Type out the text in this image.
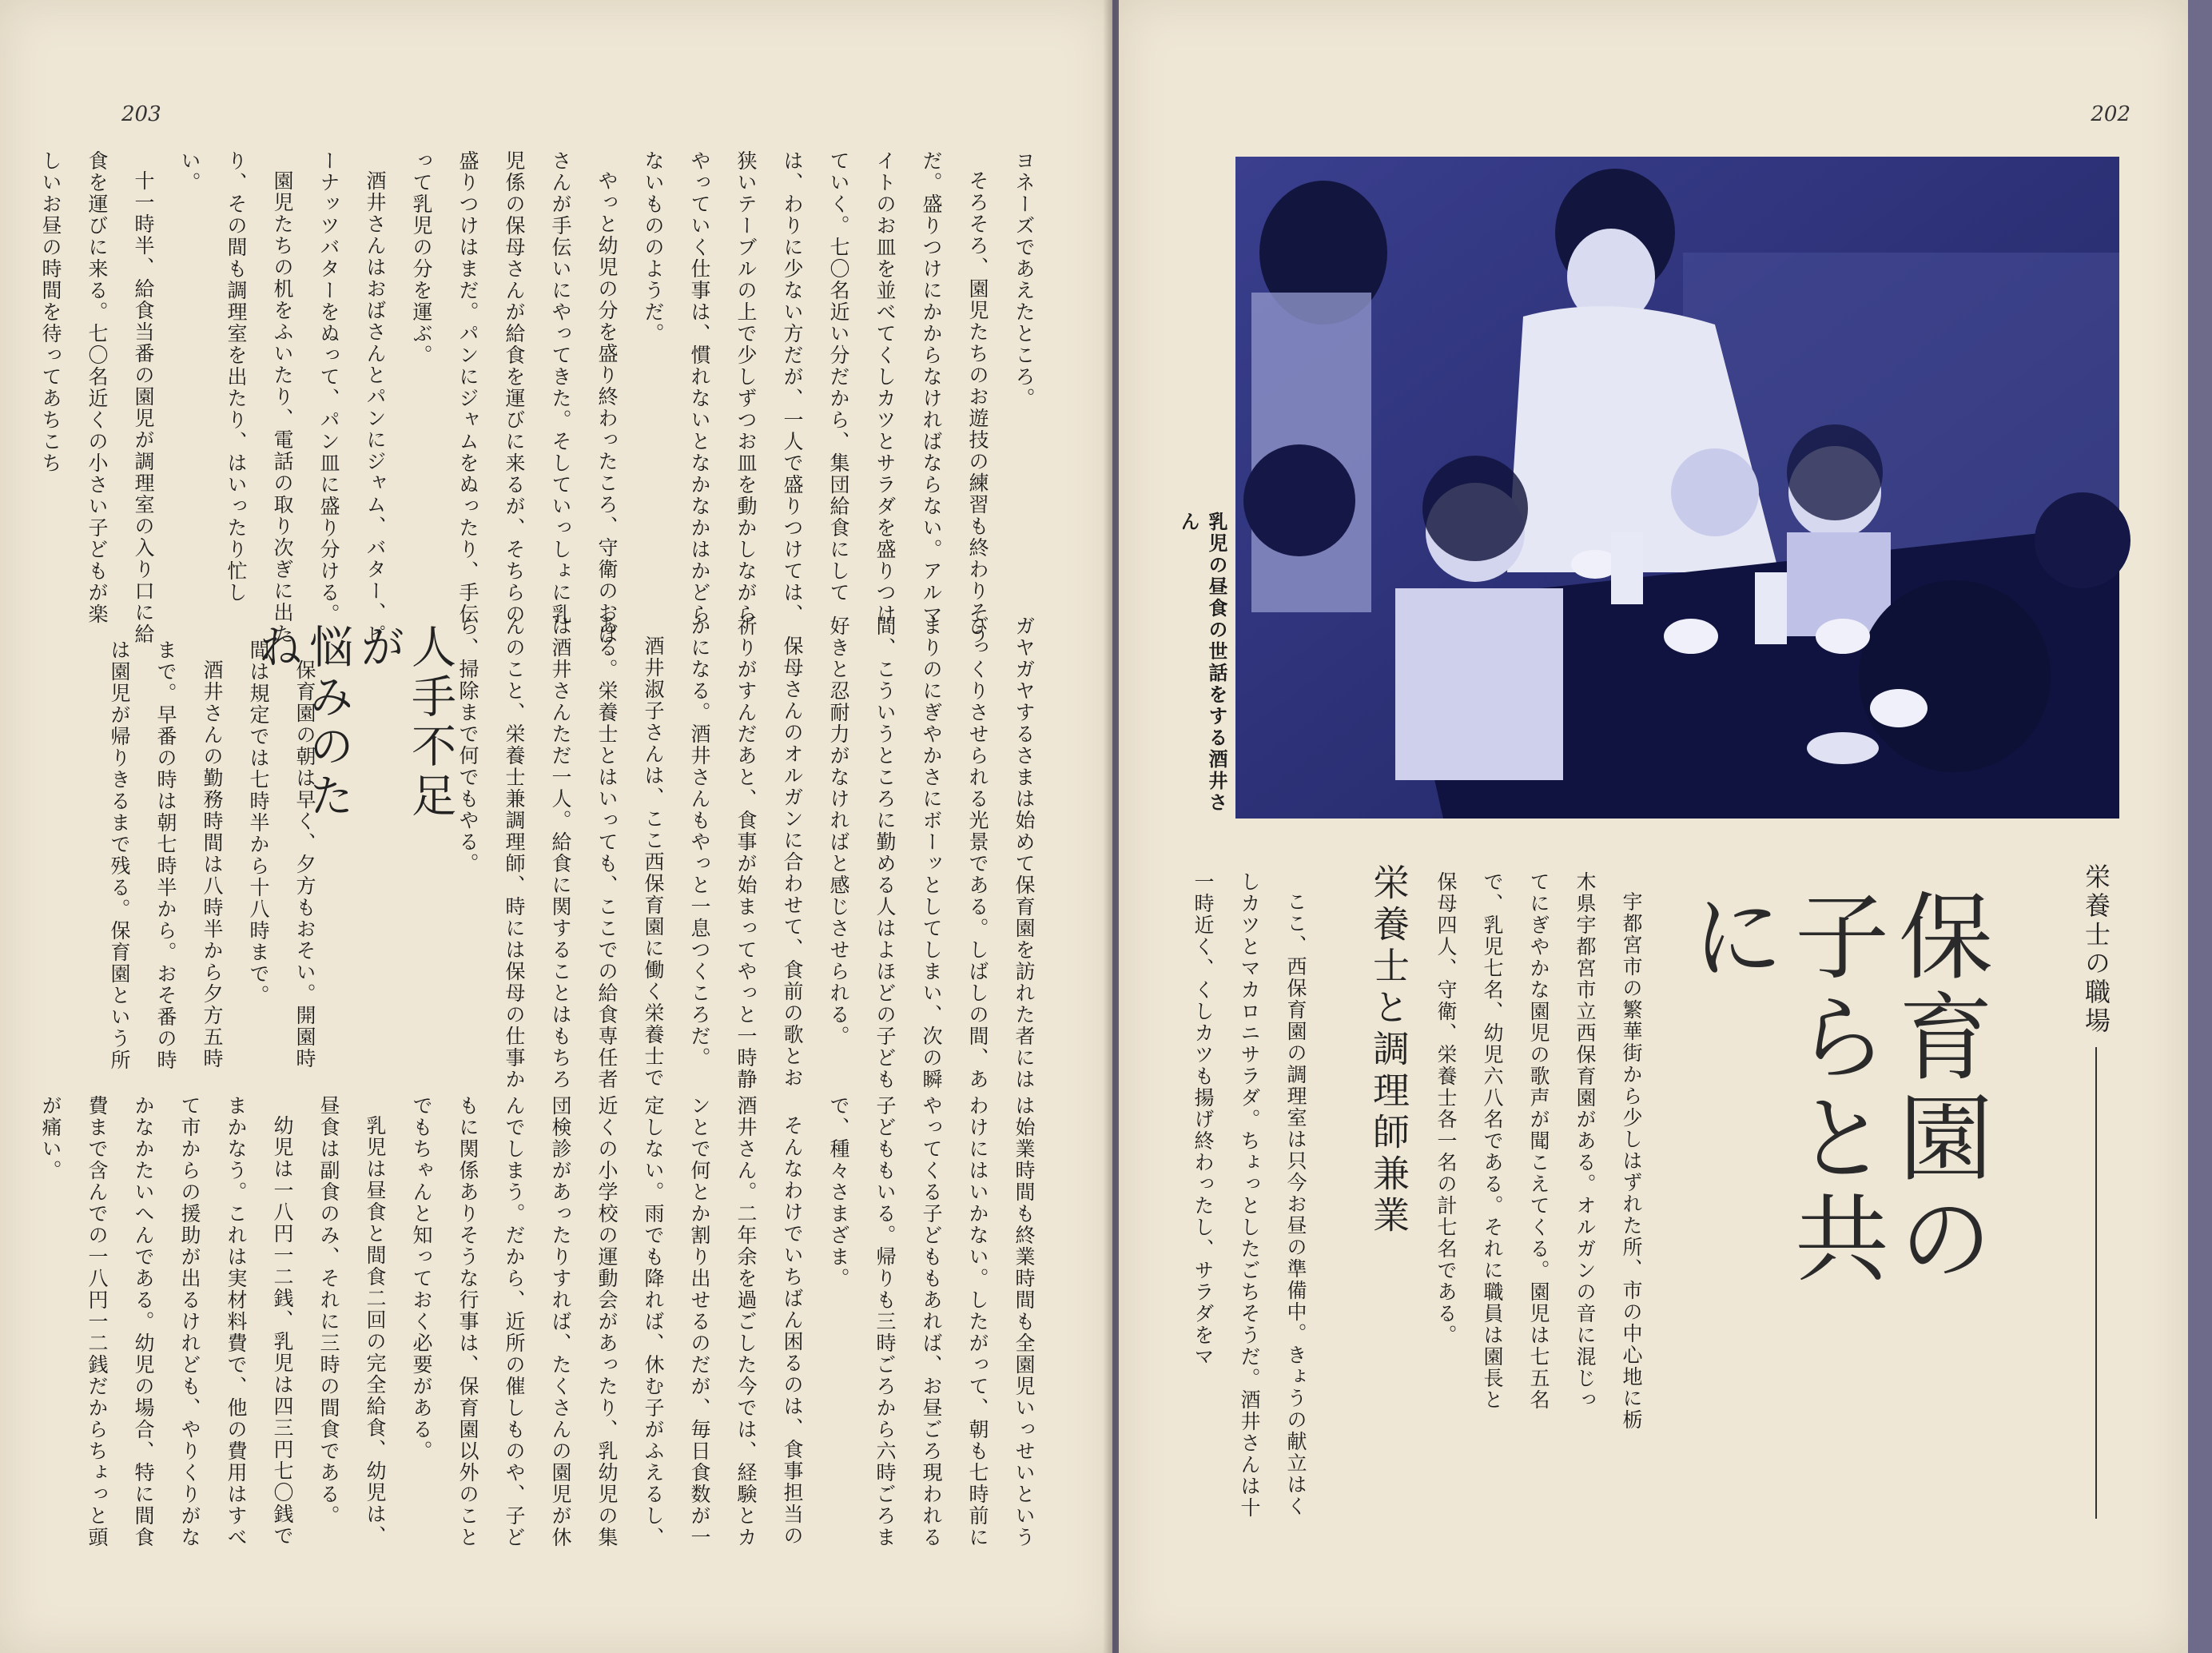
203

ヨネーズであえたところ。

そろそろ、園児たちのお遊技の練習も終わりそうだ。盛りつけにかからなければならない。アルマイトのお皿を並べてくしカツとサラダを盛りつけていく。七〇名近い分だから、集団給食にしては、わりに少ない方だが、一人で盛りつけては、狭いテーブルの上で少しずつお皿を動かしながらやっていく仕事は、慣れないとなかなかはかどらないもののようだ。

やっと幼児の分を盛り終わったころ、守衛のおばさんが手伝いにやってきた。そしていっしょに乳児係の保母さんが給食を運びに来るが、そちらの盛りつけはまだ。パンにジャムをぬったり、手伝って乳児の分を運ぶ。

酒井さんはおばさんとパンにジャム、バター、ピーナッツバターをぬって、パン皿に盛り分ける。

園児たちの机をふいたり、電話の取り次ぎに出たり、その間も調理室を出たり、はいったり忙しい。

十一時半、給食当番の園児が調理室の入り口に給食を運びに来る。七〇名近くの小さい子どもが楽しいお昼の時間を待ってあちこち

ガヤガヤするさまは始めて保育園を訪れた者にはびっくりさせられる光景である。しばしの間、あまりのにぎやかさにボーッとしてしまい、次の瞬間、こういうところに勤める人はよほどの子ども好きと忍耐力がなければと感じさせられる。

保母さんのオルガンに合わせて、食前の歌とお祈りがすんだあと、食事が始まってやっと一時静かになる。酒井さんもやっと一息つくころだ。

酒井淑子さんは、ここ西保育園に働く栄養士である。栄養士とはいっても、ここでの給食専任者は酒井さんただ一人。給食に関することはもちろんのこと、栄養士兼調理師、時には保母の仕事から、掃除まで何でもやる。

人手不足が
悩みのたね

保育園の朝は早く、夕方もおそい。開園時間は規定では七時半から十八時まで。

酒井さんの勤務時間は八時半から夕方五時まで。早番の時は朝七時半から。おそ番の時は園児が帰りきるまで残る。保育園という所

は始業時間も終業時間も全園児いっせいというわけにはいかない。したがって、朝も七時前にやってくる子どももあれば、お昼ごろ現われる子どももいる。帰りも三時ごろから六時ごろまで、種々さまざま。

そんなわけでいちばん困るのは、食事担当の酒井さん。二年余を過ごした今では、経験とカンとで何とか割り出せるのだが、毎日食数が一定しない。雨でも降れば、休む子がふえるし、近くの小学校の運動会があったり、乳幼児の集団検診があったりすれば、たくさんの園児が休んでしまう。だから、近所の催しものや、子どもに関係ありそうな行事は、保育園以外のことでもちゃんと知っておく必要がある。

乳児は昼食と間食二回の完全給食、幼児は、昼食は副食のみ、それに三時の間食である。

幼児は一八円一二銭、乳児は四三円七〇銭でまかなう。これは実材料費で、他の費用はすべて市からの援助が出るけれども、やりくりがなかなかたいへんである。幼児の場合、特に間食費まで含んでの一八円一二銭だからちょっと頭が痛い。

202
乳児の昼食の世話をする酒井さん
栄養士の職場
保育園の子らと共に

宇都宮市の繁華街から少しはずれた所、市の中心地に栃木県宇都宮市立西保育園がある。オルガンの音に混じってにぎやかな園児の歌声が聞こえてくる。園児は七五名で、乳児七名、幼児六八名である。それに職員は園長と保母四人、守衛、栄養士各一名の計七名である。

栄養士と調理師兼業

ここ、西保育園の調理室は只今お昼の準備中。きょうの献立はくしカツとマカロニサラダ。ちょっとしたごちそうだ。酒井さんは十一時近く、くしカツも揚げ終わったし、サラダをマ
